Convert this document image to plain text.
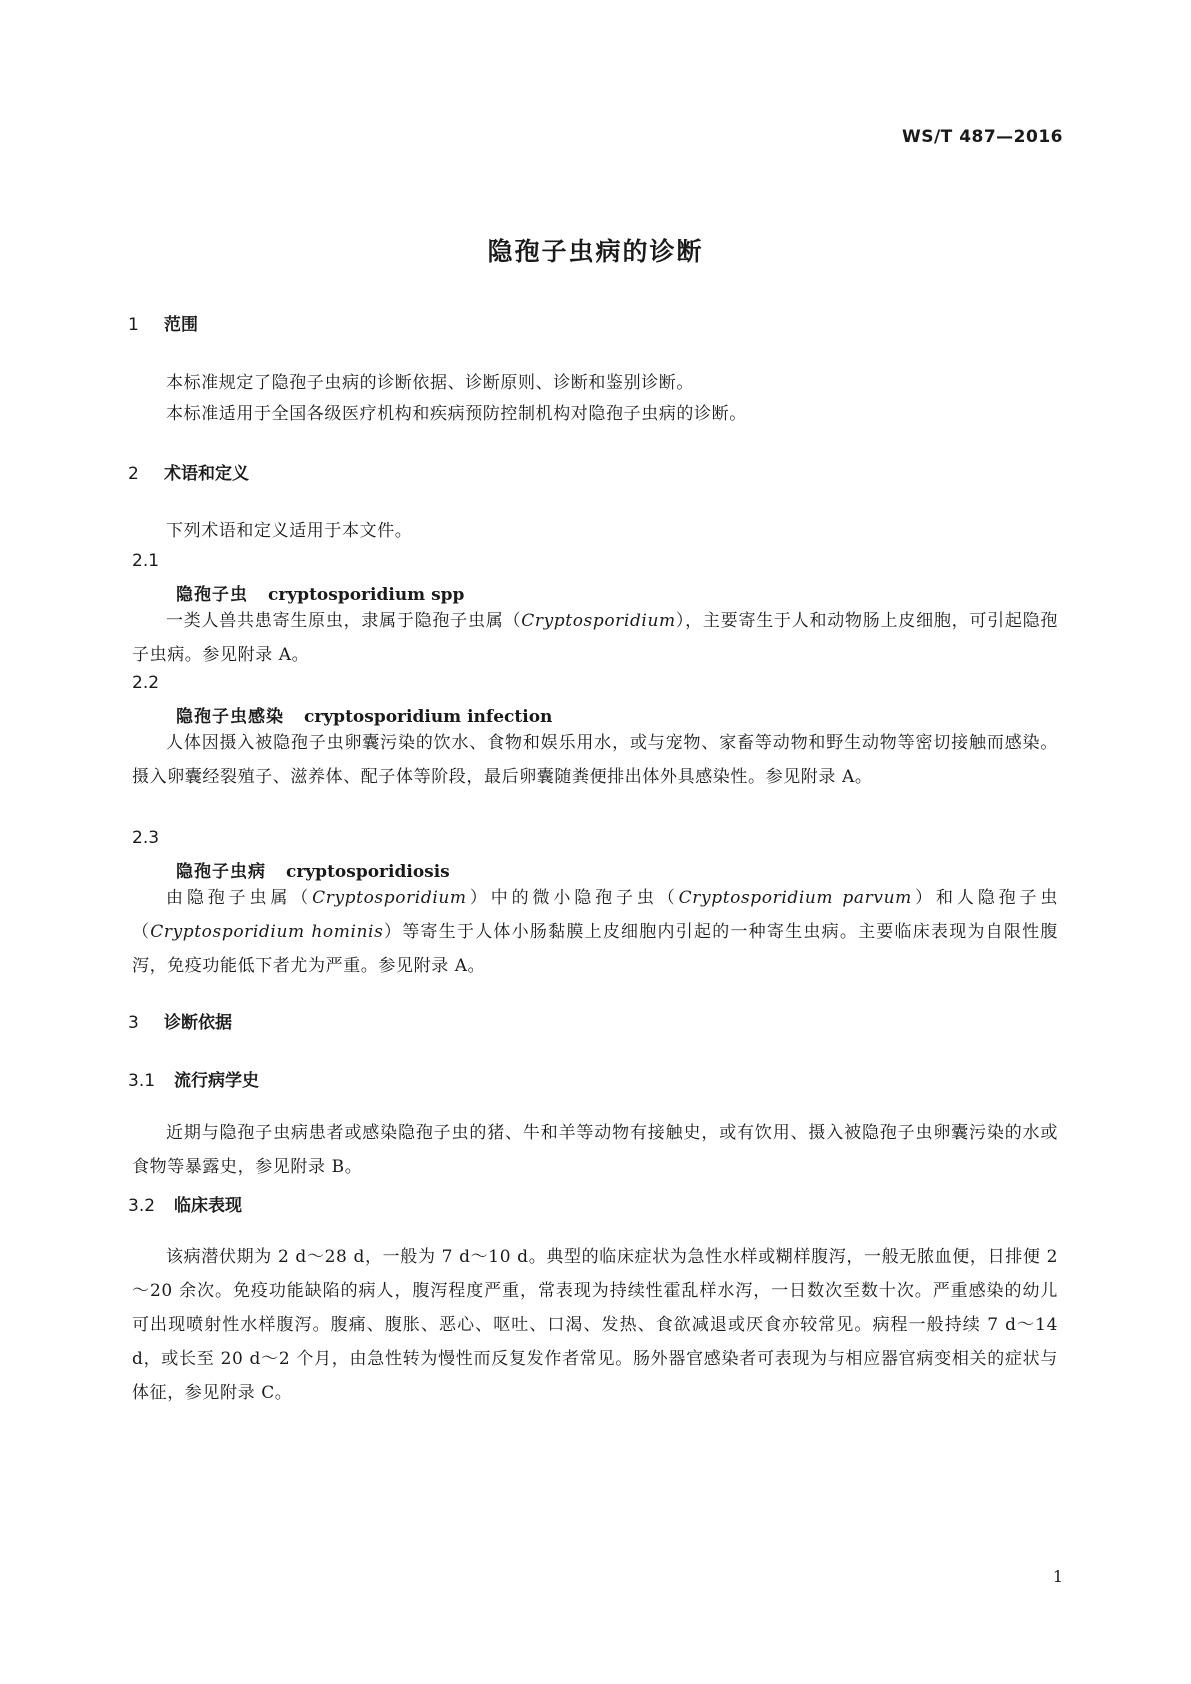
WS/T 487—2016
隐孢子虫病的诊断
1 范围
本标准规定了隐孢子虫病的诊断依据、诊断原则、诊断和鉴别诊断。
本标准适用于全国各级医疗机构和疾病预防控制机构对隐孢子虫病的诊断。
2 术语和定义
下列术语和定义适用于本文件。
2.1
隐孢子虫 cryptosporidium spp
一类人兽共患寄生原虫，隶属于隐孢子虫属（Cryptosporidium），主要寄生于人和动物肠上皮细胞，可引起隐孢子虫病。参见附录 A。
2.2
隐孢子虫感染 cryptosporidium infection
人体因摄入被隐孢子虫卵囊污染的饮水、食物和娱乐用水，或与宠物、家畜等动物和野生动物等密切接触而感染。摄入卵囊经裂殖子、滋养体、配子体等阶段，最后卵囊随粪便排出体外具感染性。参见附录 A。
2.3
隐孢子虫病 cryptosporidiosis
由隐孢子虫属（Cryptosporidium）中的微小隐孢子虫（Cryptosporidium parvum）和人隐孢子虫（Cryptosporidium hominis）等寄生于人体小肠黏膜上皮细胞内引起的一种寄生虫病。主要临床表现为自限性腹泻，免疫功能低下者尤为严重。参见附录 A。
3 诊断依据
3.1 流行病学史
近期与隐孢子虫病患者或感染隐孢子虫的猪、牛和羊等动物有接触史，或有饮用、摄入被隐孢子虫卵囊污染的水或食物等暴露史，参见附录 B。
3.2 临床表现
该病潜伏期为 2 d～28 d，一般为 7 d～10 d。典型的临床症状为急性水样或糊样腹泻，一般无脓血便，日排便 2～20 余次。免疫功能缺陷的病人，腹泻程度严重，常表现为持续性霍乱样水泻，一日数次至数十次。严重感染的幼儿可出现喷射性水样腹泻。腹痛、腹胀、恶心、呕吐、口渴、发热、食欲减退或厌食亦较常见。病程一般持续 7 d～14 d，或长至 20 d～2 个月，由急性转为慢性而反复发作者常见。肠外器官感染者可表现为与相应器官病变相关的症状与体征，参见附录 C。
1
